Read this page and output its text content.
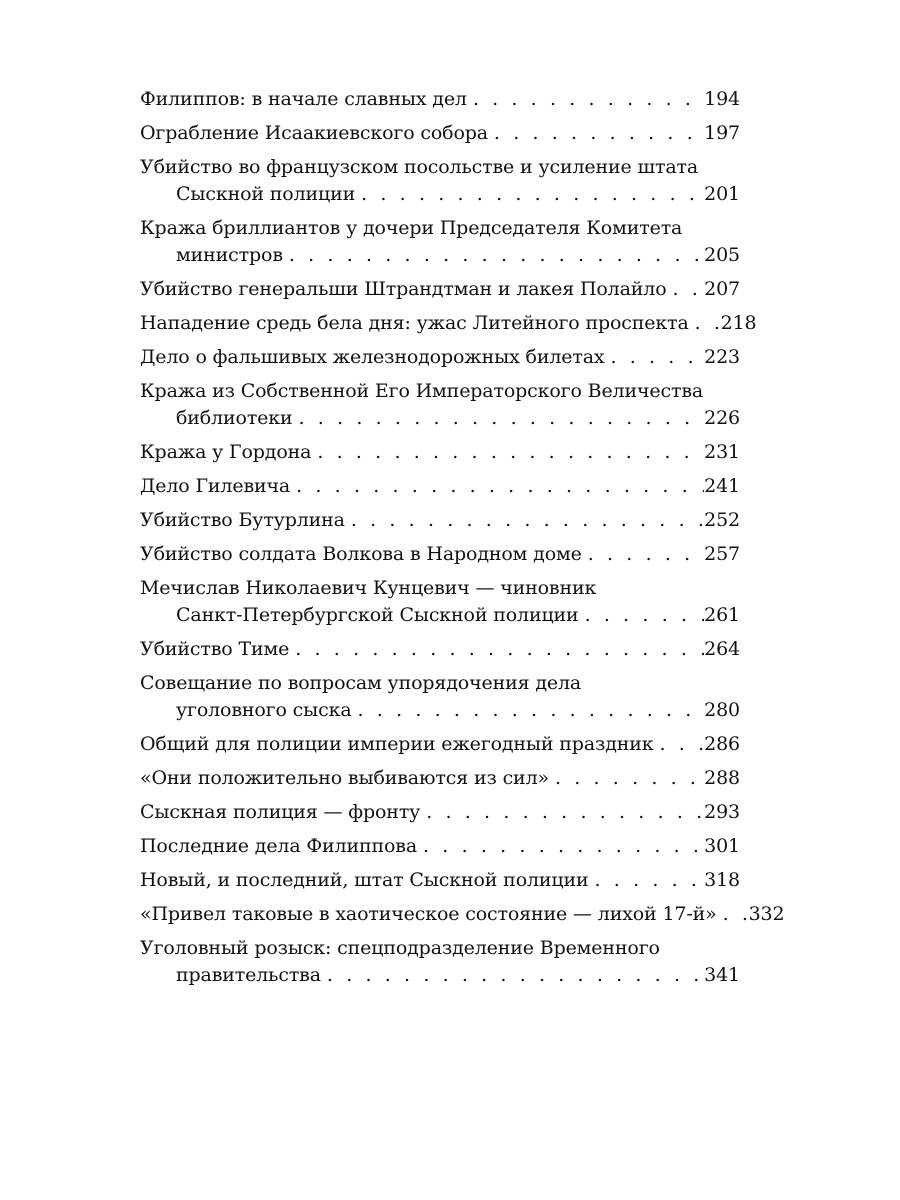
Филиппов: в начале славных дел . . .	194
Ограбление Исаакиевского собора . . .	197
Убийство во французском посольстве и усиление штата
Сыскной полиции . . .	201
Кража бриллиантов у дочери Председателя Комитета
министров . . .	205
Убийство генеральши Штрандтман и лакея Полайло . . . 207
Нападение средь бела дня: ужас Литейного проспекта . . . 218
Дело о фальшивых железнодорожных билетах . . .	223
Кража из Собственной Его Императорского Величества
библиотеки . . .	226
Кража у Гордона . . .	231
Дело Гилевича . . .	241
Убийство Бутурлина . . .	252
Убийство солдата Волкова в Народном доме . . .	257
Мечислав Николаевич Кунцевич — чиновник
Санкт-Петербургской Сыскной полиции . . .	261
Убийство Тиме . . .	264
Совещание по вопросам упорядочения дела
уголовного сыска . . .	280
Общий для полиции империи ежегодный праздник . . .	286
«Они положительно выбиваются из сил» . . .	288
Сыскная полиция — фронту . . .	293
Последние дела Филиппова . . .	301
Новый, и последний, штат Сыскной полиции . . .	318
«Привел таковые в хаотическое состояние — лихой 17-й» . . . 332
Уголовный розыск: спецподразделение Временного
правительства . . .	341
